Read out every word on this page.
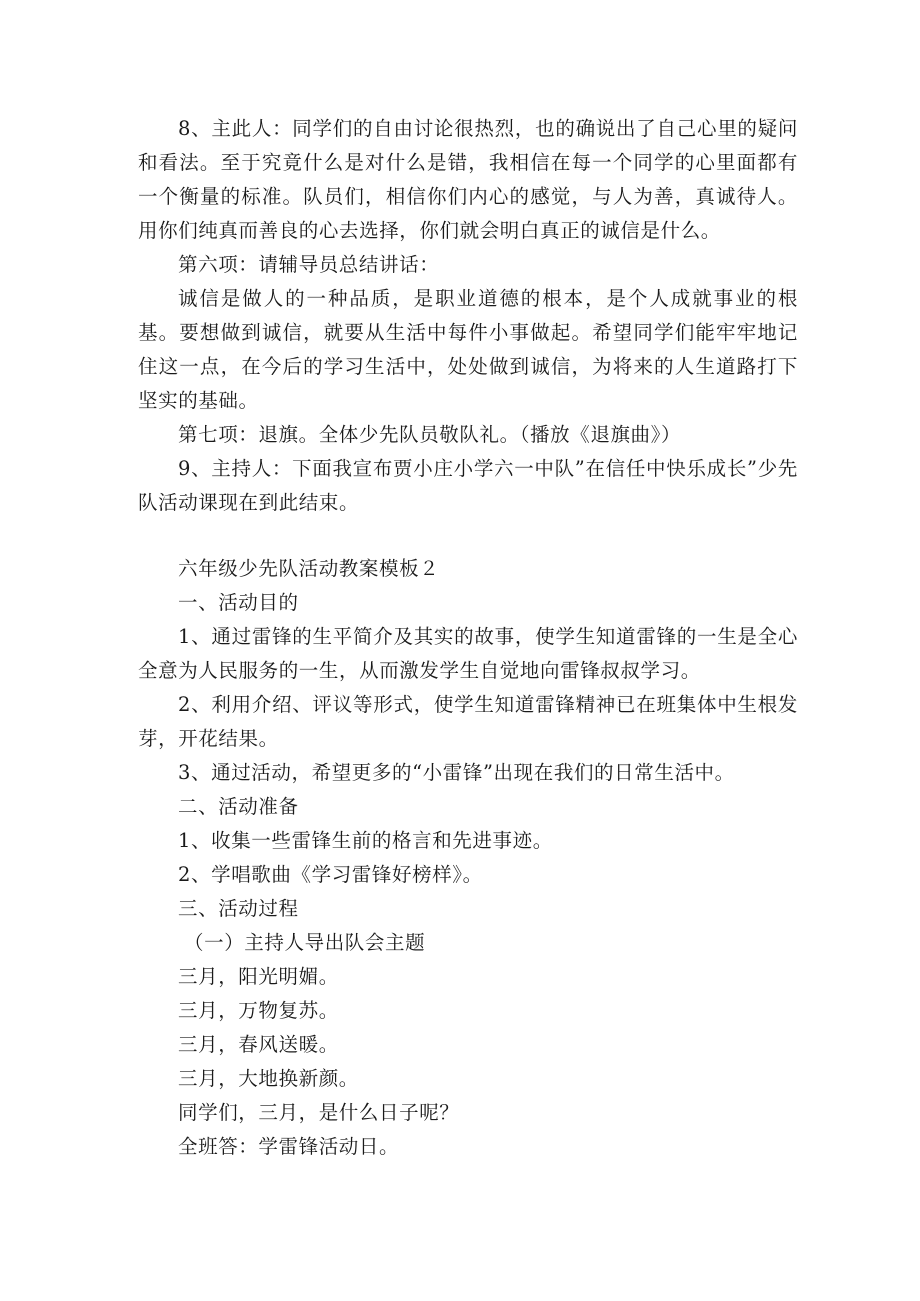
8、主此人：同学们的自由讨论很热烈，也的确说出了自己心里的疑问和看法。至于究竟什么是对什么是错，我相信在每一个同学的心里面都有一个衡量的标准。队员们，相信你们内心的感觉，与人为善，真诚待人。用你们纯真而善良的心去选择，你们就会明白真正的诚信是什么。

第六项：请辅导员总结讲话：

诚信是做人的一种品质，是职业道德的根本，是个人成就事业的根基。要想做到诚信，就要从生活中每件小事做起。希望同学们能牢牢地记住这一点，在今后的学习生活中，处处做到诚信，为将来的人生道路打下坚实的基础。

第七项：退旗。全体少先队员敬队礼。（播放《退旗曲》）

9、主持人：下面我宣布贾小庄小学六一中队”在信任中快乐成长”少先队活动课现在到此结束。

六年级少先队活动教案模板２

一、活动目的

1、通过雷锋的生平简介及其实的故事，使学生知道雷锋的一生是全心全意为人民服务的一生，从而激发学生自觉地向雷锋叔叔学习。

2、利用介绍、评议等形式，使学生知道雷锋精神已在班集体中生根发芽，开花结果。

3、通过活动，希望更多的“小雷锋”出现在我们的日常生活中。

二、活动准备

1、收集一些雷锋生前的格言和先进事迹。

2、学唱歌曲《学习雷锋好榜样》。

三、活动过程

（一）主持人导出队会主题

三月，阳光明媚。

三月，万物复苏。

三月，春风送暖。

三月，大地换新颜。

同学们，三月，是什么日子呢？

全班答：学雷锋活动日。
